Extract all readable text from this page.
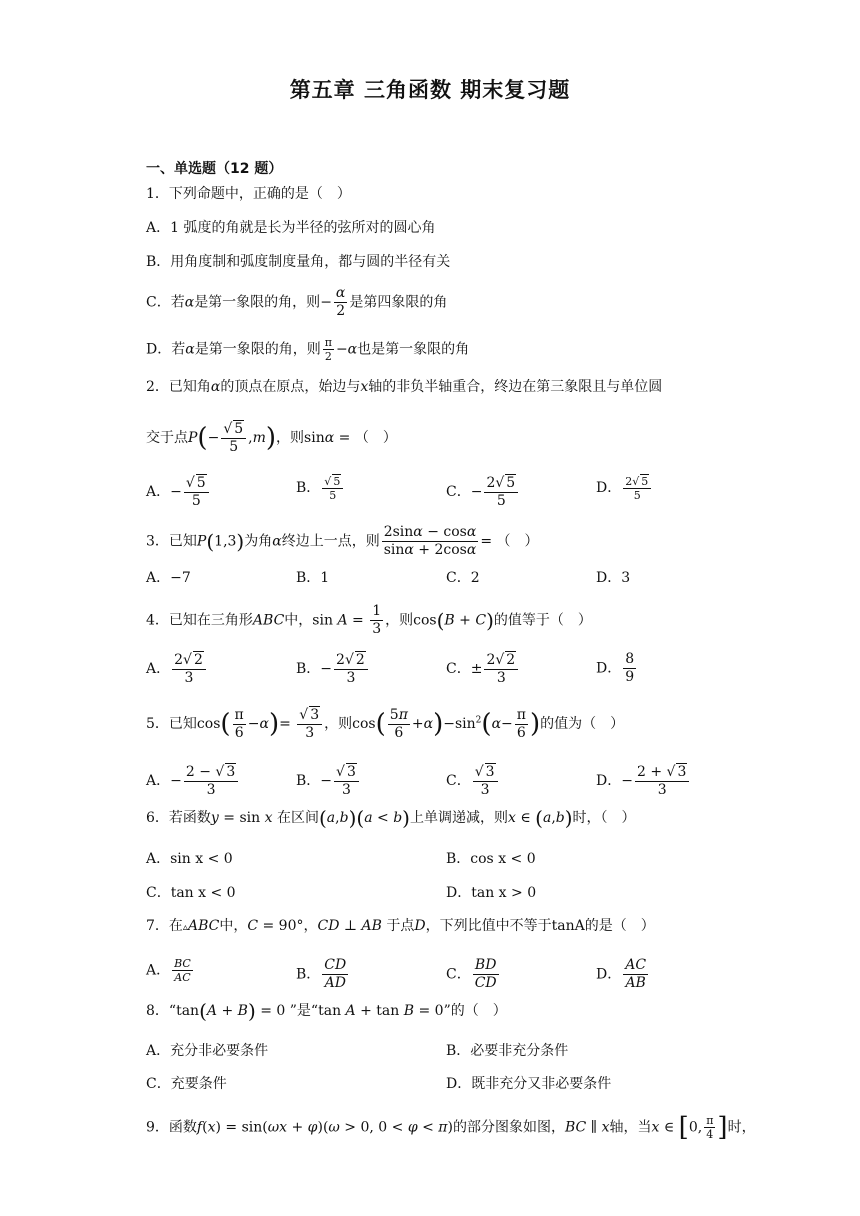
第五章 三角函数 期末复习题
一、单选题（12 题）
1．下列命题中，正确的是（　）
A．1 弧度的角就是长为半径的弦所对的圆心角
B．用角度制和弧度制度量角，都与圆的半径有关
C．若α是第一象限的角，则− $\frac{\alpha}{2}$ 是第四象限的角
D．若α是第一象限的角，则 $\frac{\pi}{2} -\alpha$也是第一象限的角
2．已知角α的顶点在原点，始边与x轴的非负半轴重合，终边在第三象限且与单位圆
交于点$P(- \frac{√ 5}{5} ,m)$，则sinα = （　）
A．− $\frac{√ 5}{5}$	B． $\frac{√ 5}{5}$	C．− $\frac{2√ 5}{5}$	D． $\frac{2√ 5}{5}$
3．已知P(1,3)为角α终边上一点，则 $\frac{2\sin\alpha - \cos\alpha}{\sin\alpha + 2\cos\alpha}$ = （　）
A．−7	B．1	C．2	D．3
4．已知在三角形ABC中，$\sin A = \frac{1}{3}$ ，则cos(B + C)的值等于（　）
A． $\frac{2√ 2}{3}$	B．− $\frac{2√ 2}{3}$	C．± $\frac{2√ 2}{3}$	D． $\frac{8}{9}$
5．已知$\cos( \frac{\pi}{6} -\alpha)= \frac{√ 3}{3}$ ，则$\cos( \frac{5\pi}{6} +\alpha)-\sin^2(\alpha- \frac{\pi}{6}$ )的值为（　）
A．− $\frac{2 - √ 3}{3}$	B．− $\frac{√ 3}{3}$	C． $\frac{√ 3}{3}$	D．− $\frac{2 + √ 3}{3}$
6．若函数y = sin x 在区间(a,b)(a < b)上单调递减，则x ∈ (a,b)时，（　）
A．sin x < 0	B．cos x < 0
C．tan x < 0	D．tan x > 0
7．在▵ABC中，C = 90°，CD ⊥ AB 于点D，下列比值中不等于tanA的是（　）
A． $\frac{BC}{AC}$	B． $\frac{CD}{AD}$	C． $\frac{BD}{CD}$	D． $\frac{AC}{AB}$
8．“tan(A + B) = 0 ”是“tan A + tan B = 0”的（　）
A．充分非必要条件	B．必要非充分条件
C．充要条件	D．既非充分又非必要条件
9．函数f(x) = sin(ωx + φ)(ω > 0, 0 < φ < π)的部分图象如图，BC ∥ x轴，当x ∈ [0, $\frac{\pi}{4}$ ]时，
